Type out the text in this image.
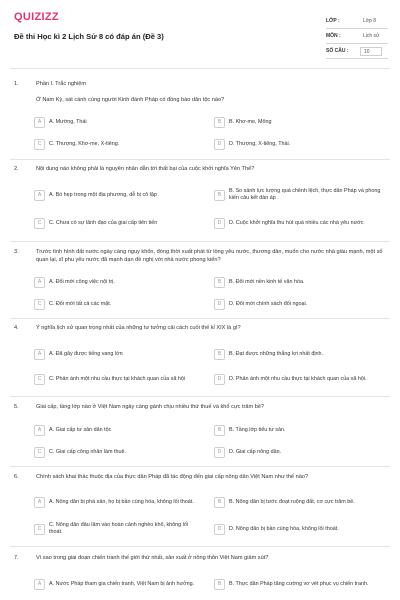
QUIZIZZ
Đề thi Học kì 2 Lịch Sử 8 có đáp án (Đề 3)
LỚP :	Lớp 8
MÔN :	Lịch sử
SỐ CÂU :	10
1.	Phần I. Trắc nghiệm
Ở Nam Kỳ, sát cánh cùng người Kinh đánh Pháp có đồng bào dân tộc nào?
A	A. Mường, Thái	B	B. Khơ-me, Mông
C	C. Thượng, Khơ-me, X-tiêng.	D	D. Thượng, X-tiêng, Thái.
2.	Nội dung nào không phải là nguyên nhân dẫn tới thất bại của cuộc khởi nghĩa Yên Thế?
A	A. Bó hẹp trong một địa phương, dễ bị cô lập	B
B. So sánh lực lượng quá chênh lệch, thực dân Pháp và phong kiến câu kết đàn áp
C	C. Chưa có sự lãnh đạo của giai cấp tiên tiến	D	D. Cuộc khởi nghĩa thu hút quá nhiều các nhà yêu nước
3.	Trước tình hình đất nước ngày càng nguy khốn, đòng thời xuất phát từ lòng yêu nước, thương dân, muốn cho nước nhà giàu mạnh, một số quan lại, sĩ phu yêu nước đã mạnh dạn đề nghị với nhà nước phong kiến?
A	A. Đổi mới công việc nội trị.	B	B. Đổi mới nền kinh tế văn hóa.
C	C. Đổi mới tất cả các mặt.	D	D. Đổi mới chính sách đối ngoại.
4.	Ý nghĩa lịch sử quan trọng nhất của những tư tưởng cải cách cuối thế kỉ XIX là gì?
A	A. Đã gây được tiếng vang lớn	B	B. Đạt được những thắng lợi nhất định.
C	C. Phản ánh một nhu cầu thực tại khách quan của xã hội	D	D. Phản ánh một nhu cầu thực tại khách quan của xã hội.
5.	Giai cấp, tầng lớp nào ở Việt Nam ngày càng gánh chịu nhiều thứ thuế và khổ cực trăm bề?
A	A. Giai cấp tư sản dân tộc	B	B. Tầng lớp tiểu tư sản.
C	C. Giai cấp công nhân làm thuê.	D	D. Giai cấp nông dân.
6.	Chính sách khai thác thuộc địa của thực dân Pháp đã tác động đến giai cấp nông dân Việt Nam như thế nào?
A	A. Nông dân bị phá sản, họ bị bần cùng hóa, không lối thoát.	B	B. Nông dân bị tước đoạt ruộng đất, cơ cực trăm bề.
C
C. Nông dân đâu lâm vào hoàn cảnh nghèo khổ, không lối thoát.	D	D. Nông dân bị bần cùng hóa, không lối thoát.
7.	Vì sao trong giai đoạn chiến tranh thế giới thứ nhất, sản xuất ở nông thôn Việt Nam giảm sút?
A	A. Nước Pháp tham gia chiến tranh, Việt Nam bị ảnh hưởng.	B	B. Thực dân Pháp tăng cường vơ vét phục vụ chiến tranh.
